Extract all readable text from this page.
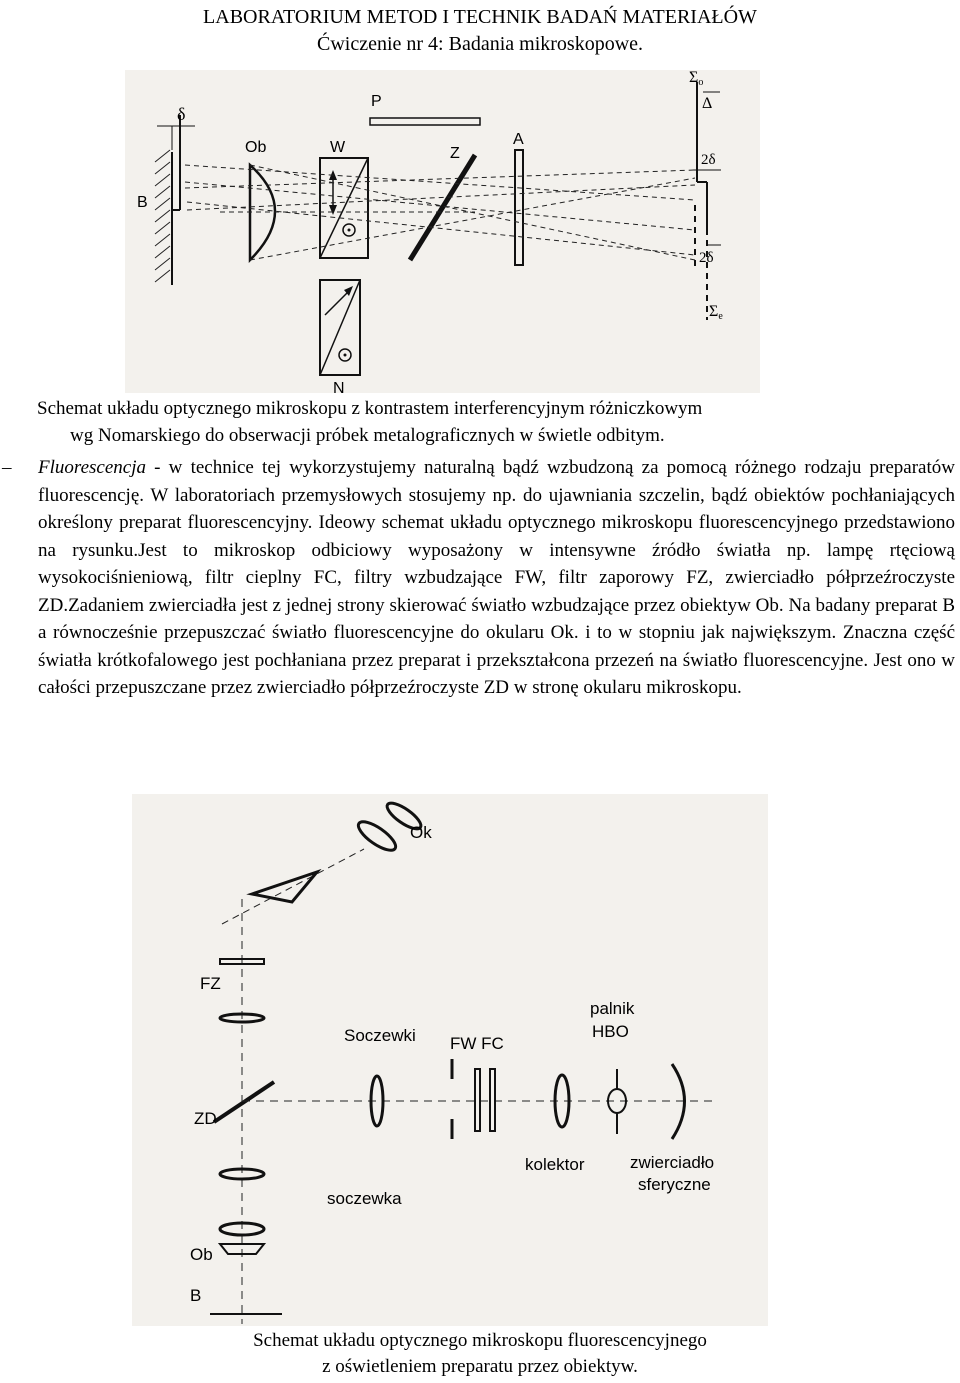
LABORATORIUM METOD I TECHNIK BADAŃ MATERIAŁÓW
Ćwiczenie nr 4: Badania mikroskopowe.
δ
Ob	W
P
Z
A
B
N
Σo
Δ
2δ
2δ
Σe
Schemat układu optycznego mikroskopu z kontrastem interferencyjnym różniczkowym
wg Nomarskiego do obserwacji próbek metalograficznych w świetle odbitym.

– Fluorescencja - w technice tej wykorzystujemy naturalną bądź wzbudzoną za pomocą różnego rodzaju preparatów fluorescencję. W laboratoriach przemysłowych stosujemy np. do ujawniania szczelin, bądź obiektów pochłaniających określony preparat fluorescencyjny. Ideowy schemat układu optycznego mikroskopu fluorescencyjnego przedstawiono na rysunku.Jest to mikroskop odbiciowy wyposażony w intensywne źródło światła np. lampę rtęciową wysokociśnieniową, filtr cieplny FC, filtry wzbudzające FW, filtr zaporowy FZ, zwierciadło półprzeźroczyste ZD.Zadaniem zwierciadła jest z jednej strony skierować światło wzbudzające przez obiektyw Ob. Na badany preparat B a równocześnie przepuszczać światło fluorescencyjne do okularu Ok. i to w stopniu jak największym. Znaczna część światła krótkofalowego jest pochłaniana przez preparat i przekształcona przezeń na światło fluorescencyjne. Jest ono w całości przepuszczane przez zwierciadło półprzeźroczyste ZD w stronę okularu mikroskopu.

Ok
FZ
Soczewki FW FC
palnik
HBO
ZD
soczewka
kolektor	zwierciadło
sferyczne
Ob
B
Schemat układu optycznego mikroskopu fluorescencyjnego
z oświetleniem preparatu przez obiektyw.
